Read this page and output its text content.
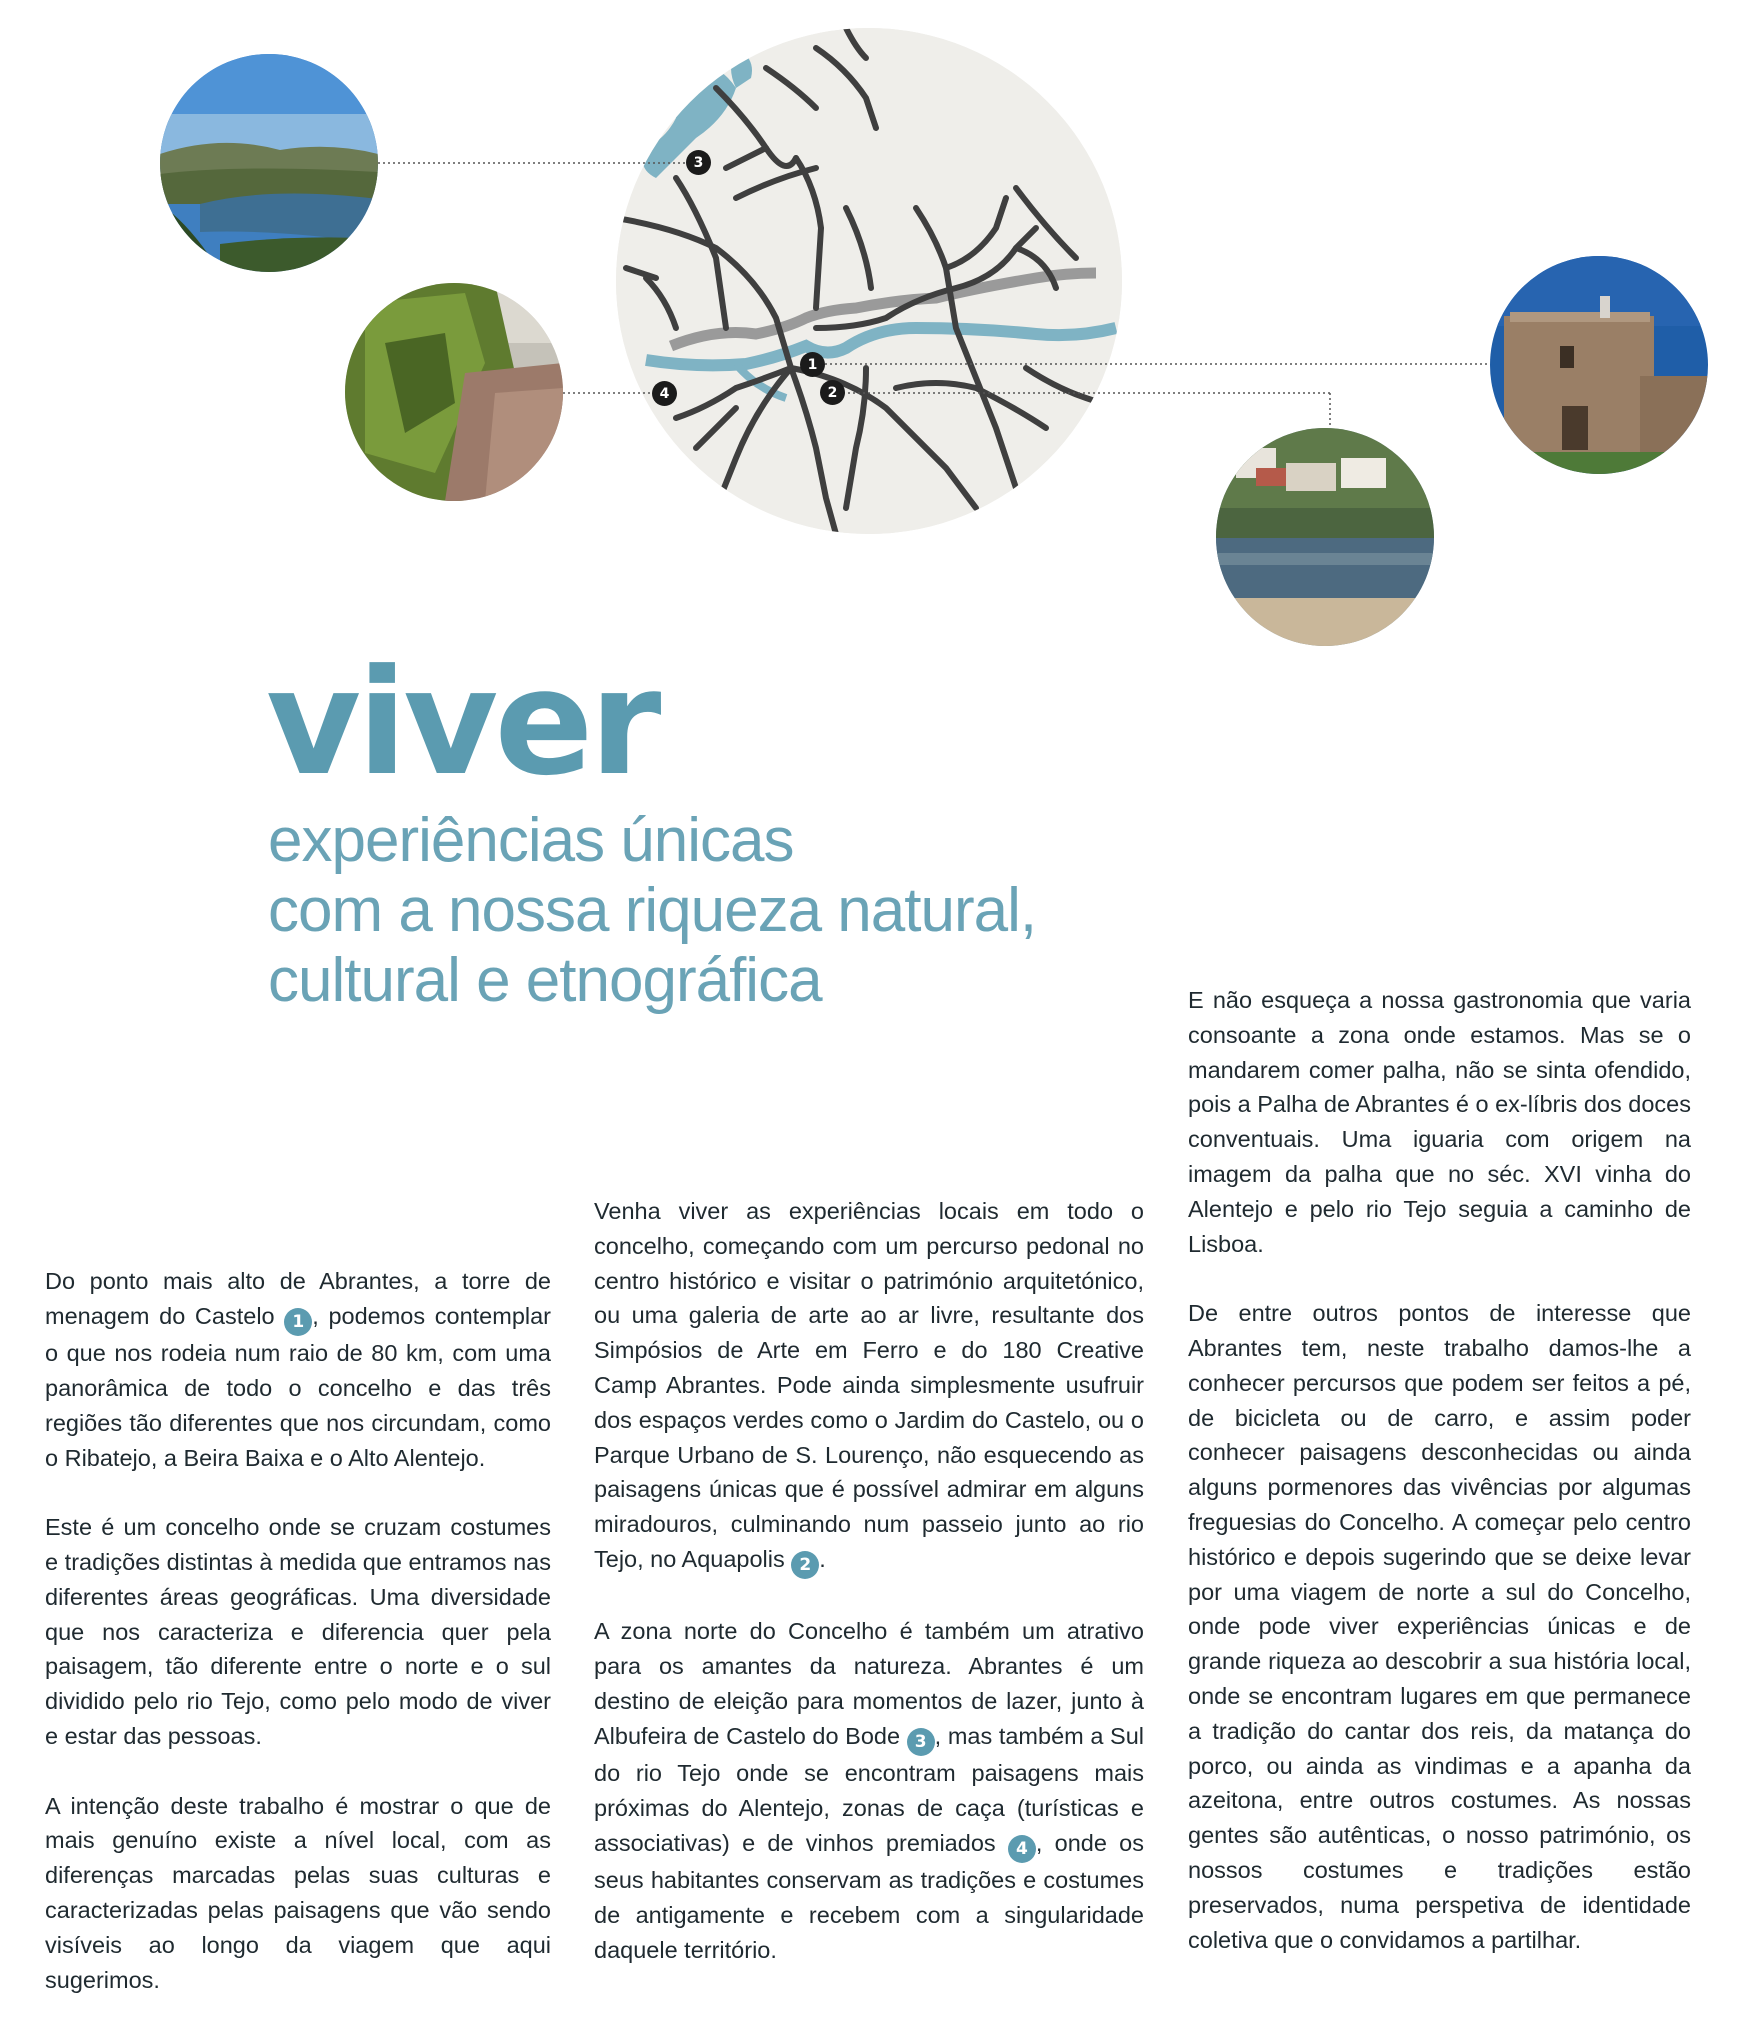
3
1
2
4
viver
experiências únicas
com a nossa riqueza natural,
cultural e etnográfica

Do ponto mais alto de Abrantes, a torre de menagem do Castelo 1 , podemos contemplar o que nos rodeia num raio de 80 km, com uma panorâmica de todo o concelho e das três regiões tão diferentes que nos circundam, como o Ribatejo, a Beira Baixa e o Alto Alentejo.

Este é um concelho onde se cruzam costumes e tradições distintas à medida que entramos nas diferentes áreas geográficas. Uma diversidade que nos caracteriza e diferencia quer pela paisagem, tão diferente entre o norte e o sul dividido pelo rio Tejo, como pelo modo de viver e estar das pessoas.

A intenção deste trabalho é mostrar o que de mais genuíno existe a nível local, com as diferenças marcadas pelas suas culturas e caracterizadas pelas paisagens que vão sendo visíveis ao longo da viagem que aqui sugerimos.

Venha viver as experiências locais em todo o concelho, começando com um percurso pedonal no centro histórico e visitar o património arquitetónico, ou uma galeria de arte ao ar livre, resultante dos Simpósios de Arte em Ferro e do 180 Creative Camp Abrantes. Pode ainda simplesmente usufruir dos espaços verdes como o Jardim do Castelo, ou o Parque Urbano de S. Lourenço, não esquecendo as paisagens únicas que é possível admirar em alguns miradouros, culminando num passeio junto ao rio Tejo, no Aquapolis 2 .

A zona norte do Concelho é também um atrativo para os amantes da natureza. Abrantes é um destino de eleição para momentos de lazer, junto à Albufeira de Castelo do Bode 3 , mas também a Sul do rio Tejo onde se encontram paisagens mais próximas do Alentejo, zonas de caça (turísticas e associativas) e de vinhos premiados 4 , onde os seus habitantes conservam as tradições e costumes de antigamente e recebem com a singularidade daquele território.

E não esqueça a nossa gastronomia que varia consoante a zona onde estamos. Mas se o mandarem comer palha, não se sinta ofendido, pois a Palha de Abrantes é o ex-líbris dos doces conventuais. Uma iguaria com origem na imagem da palha que no séc. XVI vinha do Alentejo e pelo rio Tejo seguia a caminho de Lisboa.

De entre outros pontos de interesse que Abrantes tem, neste trabalho damos-lhe a conhecer percursos que podem ser feitos a pé, de bicicleta ou de carro, e assim poder conhecer paisagens desconhecidas ou ainda alguns pormenores das vivências por algumas freguesias do Concelho. A começar pelo centro histórico e depois sugerindo que se deixe levar por uma viagem de norte a sul do Concelho, onde pode viver experiências únicas e de grande riqueza ao descobrir a sua história local, onde se encontram lugares em que permanece a tradição do cantar dos reis, da matança do porco, ou ainda as vindimas e a apanha da azeitona, entre outros costumes. As nossas gentes são autênticas, o nosso património, os nossos costumes e tradições estão preservados, numa perspetiva de identidade coletiva que o convidamos a partilhar.
